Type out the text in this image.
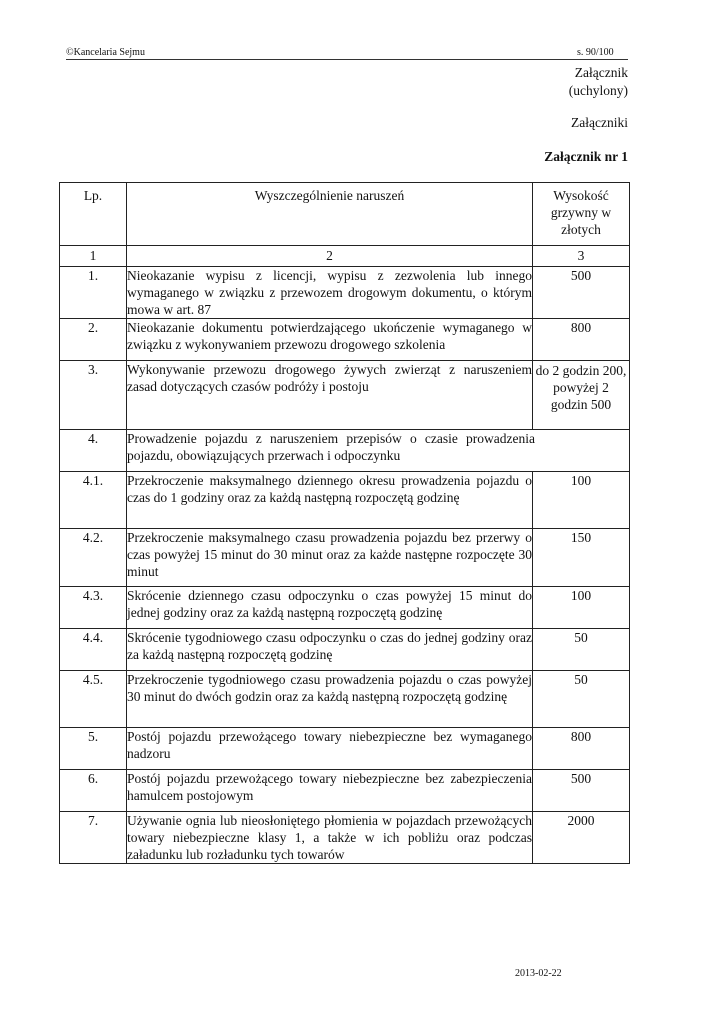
©Kancelaria Sejmu	s. 90/100
Załącznik
(uchylony)
Załączniki
Załącznik nr 1
Lp.	Wyszczególnienie naruszeń	Wysokość grzywny w złotych
1	2	3
1.	Nieokazanie wypisu z licencji, wypisu z zezwolenia lub innego wymaganego w związku z przewozem drogowym dokumentu, o którym mowa w art. 87	500
2.	Nieokazanie dokumentu potwierdzającego ukończenie wymaganego w związku z wykonywaniem przewozu drogowego szkolenia	800
3.	Wykonywanie przewozu drogowego żywych zwierząt z naruszeniem zasad dotyczących czasów podróży i postoju	do 2 godzin 200, powyżej 2 godzin 500
4.	Prowadzenie pojazdu z naruszeniem przepisów o czasie prowadzenia pojazdu, obowiązujących przerwach i odpoczynku	
4.1.	Przekroczenie maksymalnego dziennego okresu prowadzenia pojazdu o czas do 1 godziny oraz za każdą następną rozpoczętą godzinę	100
4.2.	Przekroczenie maksymalnego czasu prowadzenia pojazdu bez przerwy o czas powyżej 15 minut do 30 minut oraz za każde następne rozpoczęte 30 minut	150
4.3.	Skrócenie dziennego czasu odpoczynku o czas powyżej 15 minut do jednej godziny oraz za każdą następną rozpoczętą godzinę	100
4.4.	Skrócenie tygodniowego czasu odpoczynku o czas do jednej godziny oraz za każdą następną rozpoczętą godzinę	50
4.5.	Przekroczenie tygodniowego czasu prowadzenia pojazdu o czas powyżej 30 minut do dwóch godzin oraz za każdą następną rozpoczętą godzinę	50
5.	Postój pojazdu przewożącego towary niebezpieczne bez wymaganego nadzoru	800
6.	Postój pojazdu przewożącego towary niebezpieczne bez zabezpieczenia hamulcem postojowym	500
7.	Używanie ognia lub nieosłoniętego płomienia w pojazdach przewożących towary niebezpieczne klasy 1, a także w ich pobliżu oraz podczas załadunku lub rozładunku tych towarów	2000
2013-02-22
